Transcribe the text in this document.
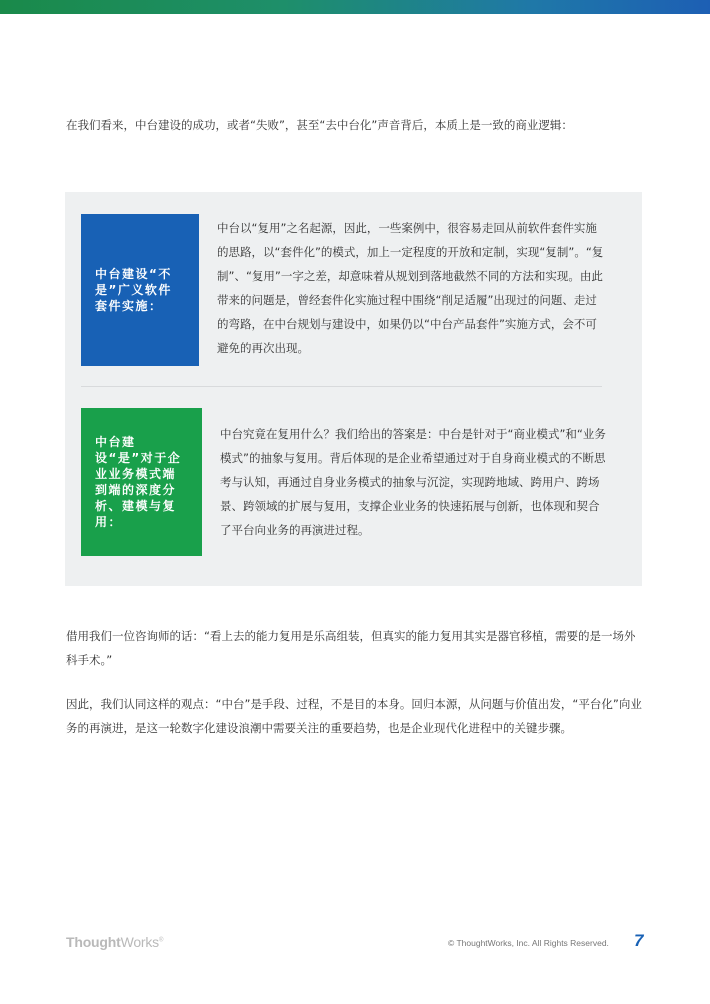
在我们看来，中台建设的成功，或者“失败”，甚至“去中台化”声音背后，本质上是一致的商业逻辑：
中台建设“不是”广义软件套件实施：
中台以“复用”之名起源，因此，一些案例中，很容易走回从前软件套件实施的思路，以“套件化”的模式，加上一定程度的开放和定制，实现“复制”。“复制”、“复用”一字之差，却意味着从规划到落地截然不同的方法和实现。由此带来的问题是，曾经套件化实施过程中围绕“削足适履”出现过的问题、走过的弯路，在中台规划与建设中，如果仍以“中台产品套件”实施方式，会不可避免的再次出现。
中台建设“是”对于企业业务模式端到端的深度分析、建模与复用：
中台究竟在复用什么？我们给出的答案是：中台是针对于“商业模式”和“业务模式”的抽象与复用。背后体现的是企业希望通过对于自身商业模式的不断思考与认知，再通过自身业务模式的抽象与沉淀，实现跨地域、跨用户、跨场景、跨领域的扩展与复用，支撑企业业务的快速拓展与创新，也体现和契合了平台向业务的再演进过程。
借用我们一位咨询师的话：“看上去的能力复用是乐高组装，但真实的能力复用其实是器官移植，需要的是一场外科手术。”
因此，我们认同这样的观点：“中台”是手段、过程，不是目的本身。回归本源，从问题与价值出发，“平台化”向业务的再演进，是这一轮数字化建设浪潮中需要关注的重要趋势，也是企业现代化进程中的关键步骤。
ThoughtWorks®	© ThoughtWorks, Inc. All Rights Reserved. 7
